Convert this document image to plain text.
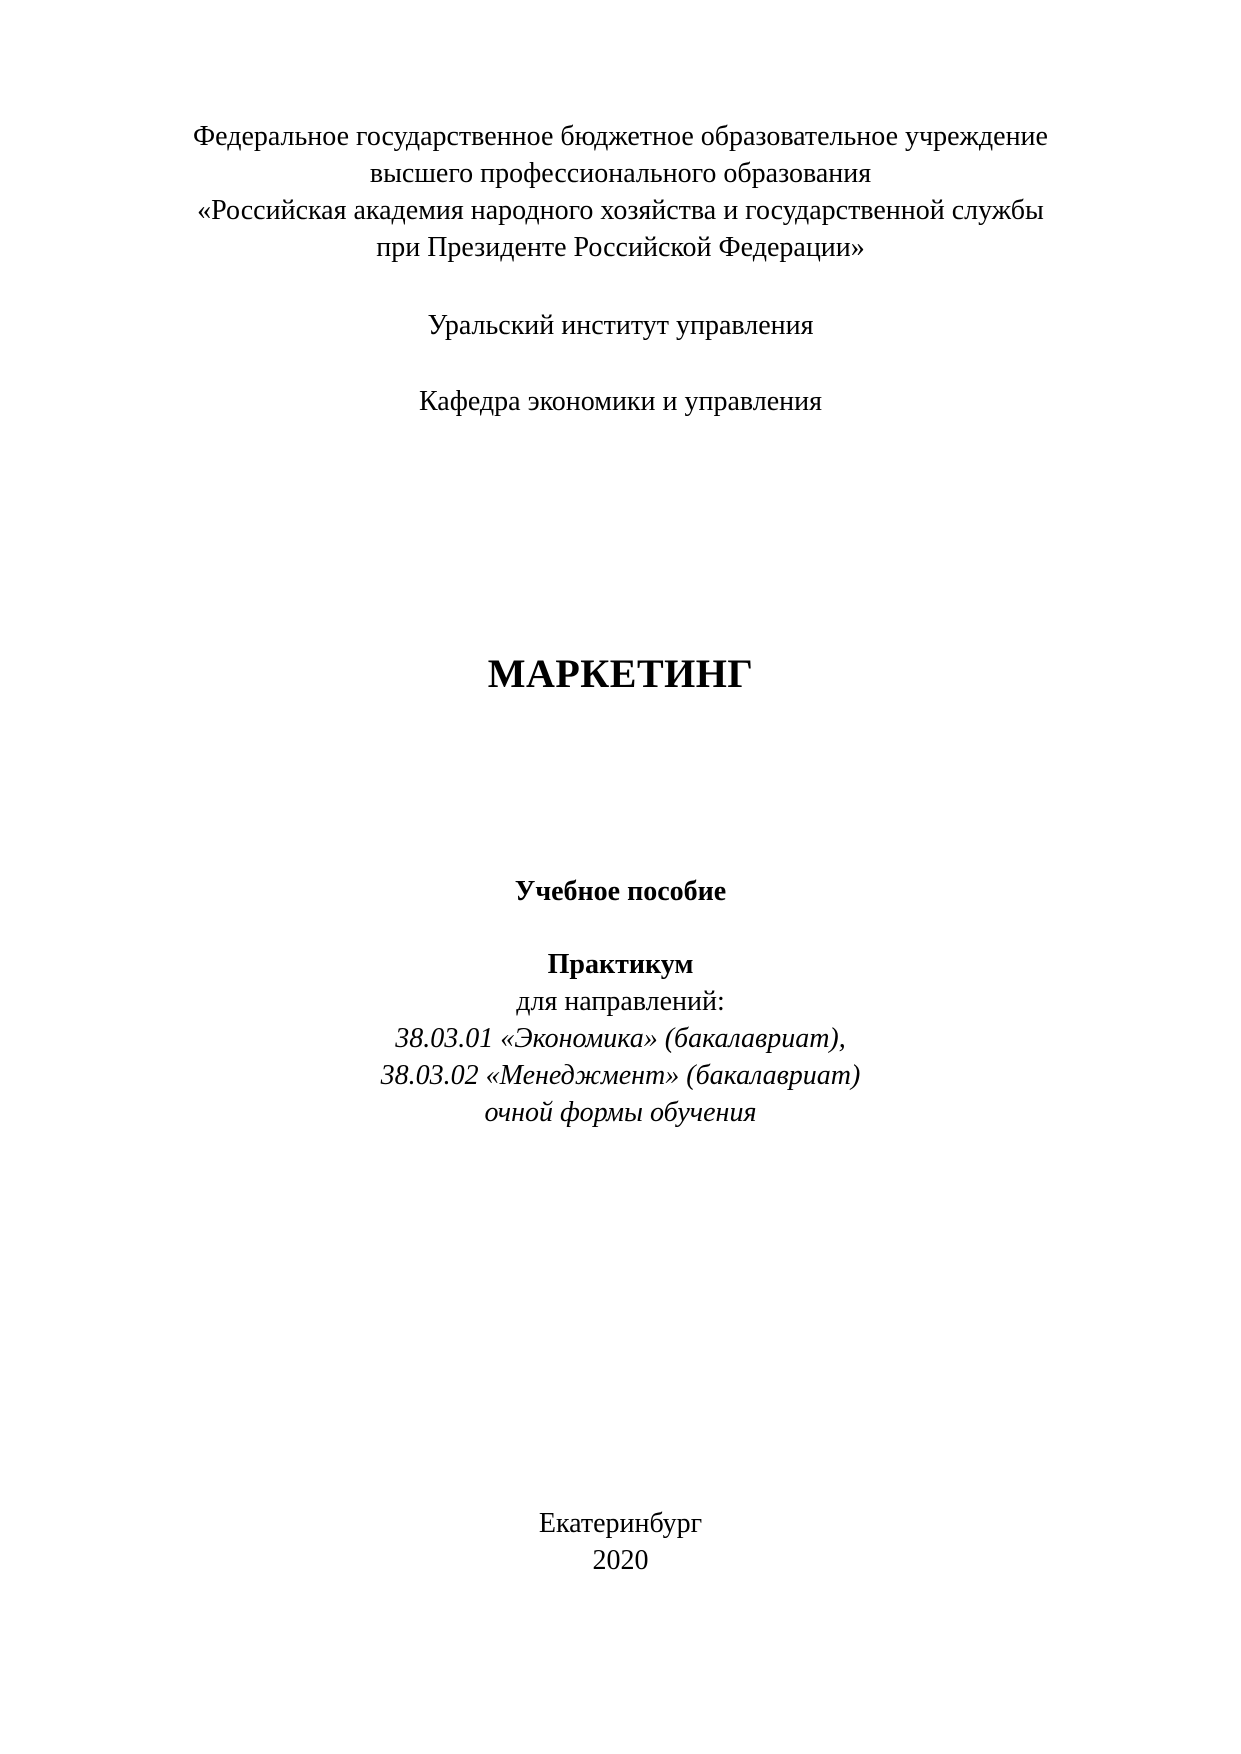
Федеральное государственное бюджетное образовательное учреждение
высшего профессионального образования
«Российская академия народного хозяйства и государственной службы
при Президенте Российской Федерации»
Уральский институт управления
Кафедра экономики и управления
МАРКЕТИНГ
Учебное пособие
Практикум
для направлений:
38.03.01 «Экономика» (бакалавриат),
38.03.02 «Менеджмент» (бакалавриат)
очной формы обучения
Екатеринбург
2020
